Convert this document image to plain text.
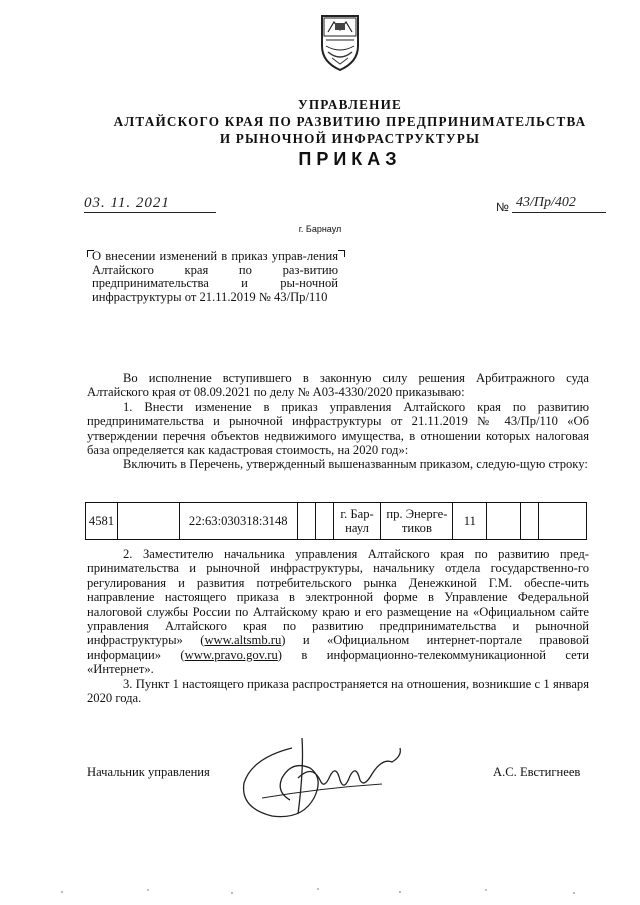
УПРАВЛЕНИЕ
АЛТАЙСКОГО КРАЯ ПО РАЗВИТИЮ ПРЕДПРИНИМАТЕЛЬСТВА
И РЫНОЧНОЙ ИНФРАСТРУКТУРЫ
ПРИКАЗ
03. 11. 2021	№ 43/Пр/402
г. Барнаул

О внесении изменений в приказ управ-ления Алтайского края по раз-витию предпринимательства и ры-ночной инфраструктуры от 21.11.2019 № 43/Пр/110

Во исполнение вступившего в законную силу решения Арбитражного суда Алтайского края от 08.09.2021 по делу № А03-4330/2020 приказываю:

1. Внести изменение в приказ управления Алтайского края по развитию предпринимательства и рыночной инфраструктуры от 21.11.2019 № 43/Пр/110 «Об утверждении перечня объектов недвижимого имущества, в отношении которых налоговая база определяется как кадастровая стоимость, на 2020 год»:

Включить в Перечень, утвержденный вышеназванным приказом, следую-щую строку:

4581		22:63:030318:3148			г. Бар-наул	пр. Энерге-тиков	11			

2. Заместителю начальника управления Алтайского края по развитию пред-принимательства и рыночной инфраструктуры, начальнику отдела государственно-го регулирования и развития потребительского рынка Денежкиной Г.М. обеспе-чить направление настоящего приказа в электронной форме в Управление Федеральной налоговой службы России по Алтайскому краю и его размещение на «Официальном сайте управления Алтайского края по развитию предпринимательства и рыночной инфраструктуры» (www.altsmb.ru) и «Официальном интернет-портале правовой информации» (www.pravo.gov.ru) в информационно-телекоммуникационной сети «Интернет».

3. Пункт 1 настоящего приказа распространяется на отношения, возникшие с 1 января 2020 года.

Начальник управления	А.С. Евстигнеев
